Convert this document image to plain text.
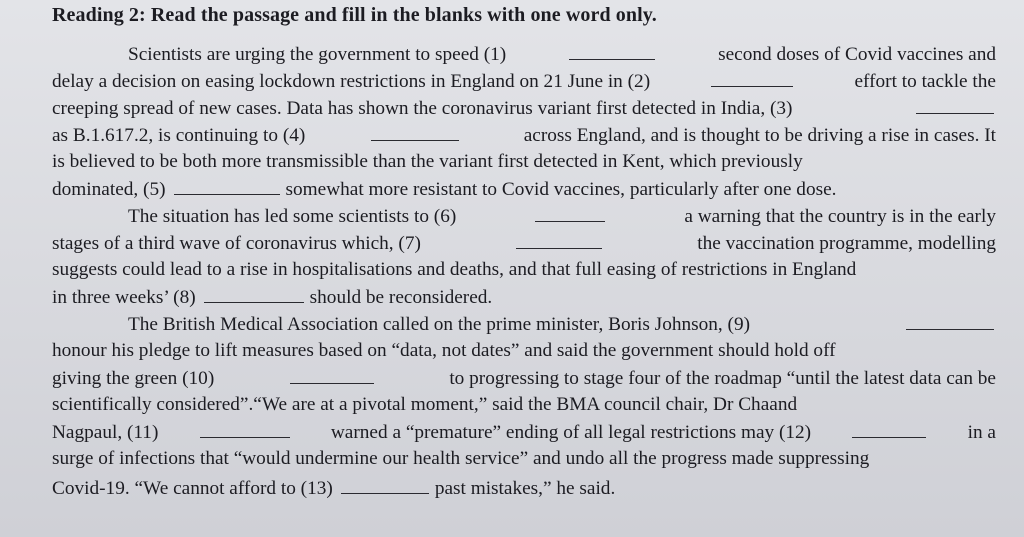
Reading 2: Read the passage and fill in the blanks with one word only.
Scientists are urging the government to speed (1)	second doses of Covid vaccines and
delay a decision on easing lockdown restrictions in England on 21 June in (2)	effort to tackle the
creeping spread of new cases. Data has shown the coronavirus variant first detected in India, (3)
as B.1.617.2, is continuing to (4)	across England, and is thought to be driving a rise in cases. It
is believed to be both more transmissible than the variant first detected in Kent, which previously
dominated, (5)	somewhat more resistant to Covid vaccines, particularly after one dose.
The situation has led some scientists to (6)	a warning that the country is in the early
stages of a third wave of coronavirus which, (7)	the vaccination programme, modelling
suggests could lead to a rise in hospitalisations and deaths, and that full easing of restrictions in England
in three weeks’ (8)	should be reconsidered.
The British Medical Association called on the prime minister, Boris Johnson, (9)
honour his pledge to lift measures based on “data, not dates” and said the government should hold off
giving the green (10)	to progressing to stage four of the roadmap “until the latest data can be
scientifically considered”.“We are at a pivotal moment,” said the BMA council chair, Dr Chaand
Nagpaul, (11)	warned a “premature” ending of all legal restrictions may (12)	in a
surge of infections that “would undermine our health service” and undo all the progress made suppressing
Covid-19. “We cannot afford to (13)	past mistakes,” he said.
